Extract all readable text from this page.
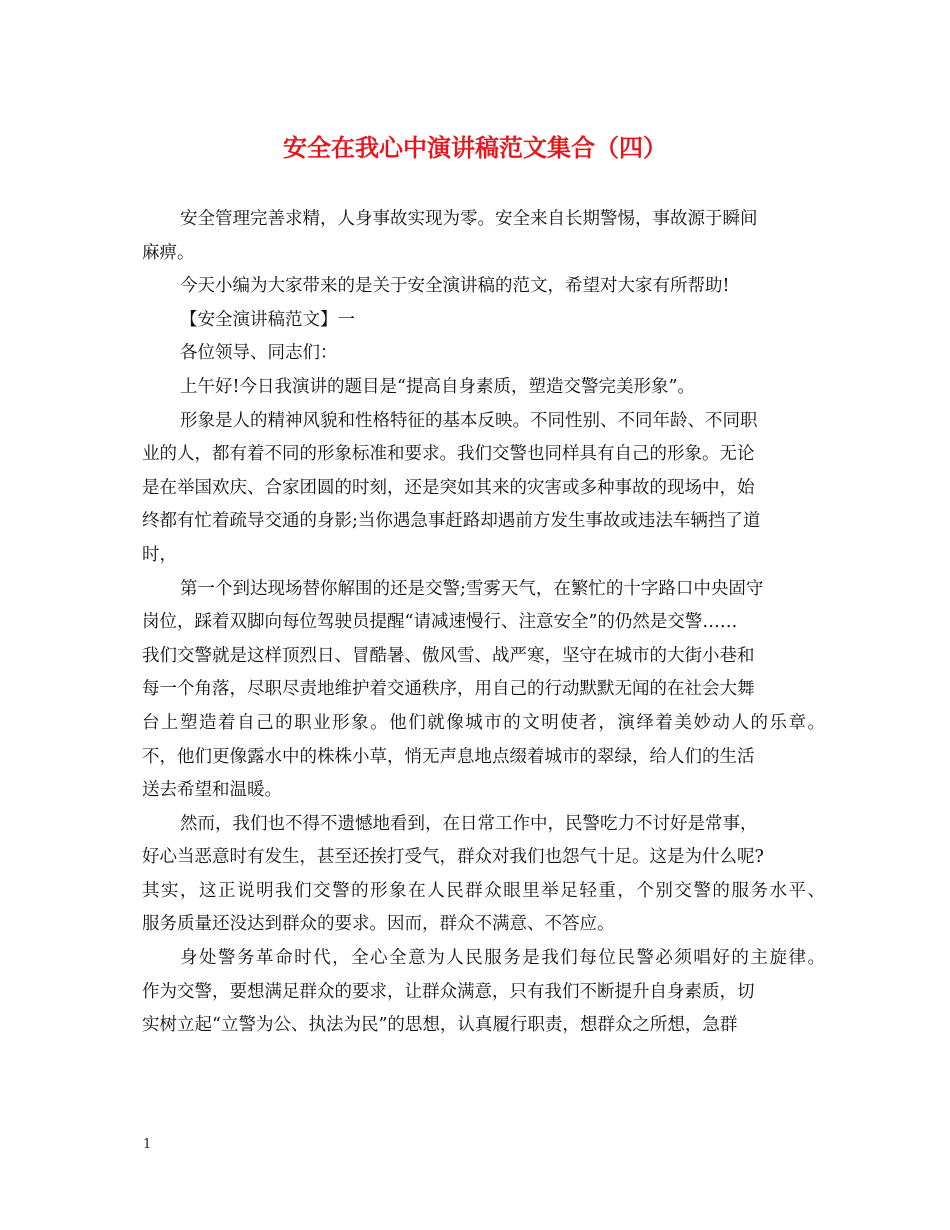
安全在我心中演讲稿范文集合（四）
安全管理完善求精，人身事故实现为零。安全来自长期警惕，事故源于瞬间
麻痹。
今天小编为大家带来的是关于安全演讲稿的范文，希望对大家有所帮助!
【安全演讲稿范文】一
各位领导、同志们：
上午好!今日我演讲的题目是“提高自身素质，塑造交警完美形象”。
形象是人的精神风貌和性格特征的基本反映。不同性别、不同年龄、不同职
业的人，都有着不同的形象标准和要求。我们交警也同样具有自己的形象。无论
是在举国欢庆、合家团圆的时刻，还是突如其来的灾害或多种事故的现场中，始
终都有忙着疏导交通的身影;当你遇急事赶路却遇前方发生事故或违法车辆挡了道
时，
第一个到达现场替你解围的还是交警;雪雾天气，在繁忙的十字路口中央固守
岗位，踩着双脚向每位驾驶员提醒“请减速慢行、注意安全”的仍然是交警……
我们交警就是这样顶烈日、冒酷暑、傲风雪、战严寒，坚守在城市的大街小巷和
每一个角落，尽职尽责地维护着交通秩序，用自己的行动默默无闻的在社会大舞
台上塑造着自己的职业形象。他们就像城市的文明使者，演绎着美妙动人的乐章。
不，他们更像露水中的株株小草，悄无声息地点缀着城市的翠绿，给人们的生活
送去希望和温暖。
然而，我们也不得不遗憾地看到，在日常工作中，民警吃力不讨好是常事，
好心当恶意时有发生，甚至还挨打受气，群众对我们也怨气十足。这是为什么呢?
其实，这正说明我们交警的形象在人民群众眼里举足轻重，个别交警的服务水平、
服务质量还没达到群众的要求。因而，群众不满意、不答应。
身处警务革命时代，全心全意为人民服务是我们每位民警必须唱好的主旋律。
作为交警，要想满足群众的要求，让群众满意，只有我们不断提升自身素质，切
实树立起“立警为公、执法为民”的思想，认真履行职责，想群众之所想，急群
1
